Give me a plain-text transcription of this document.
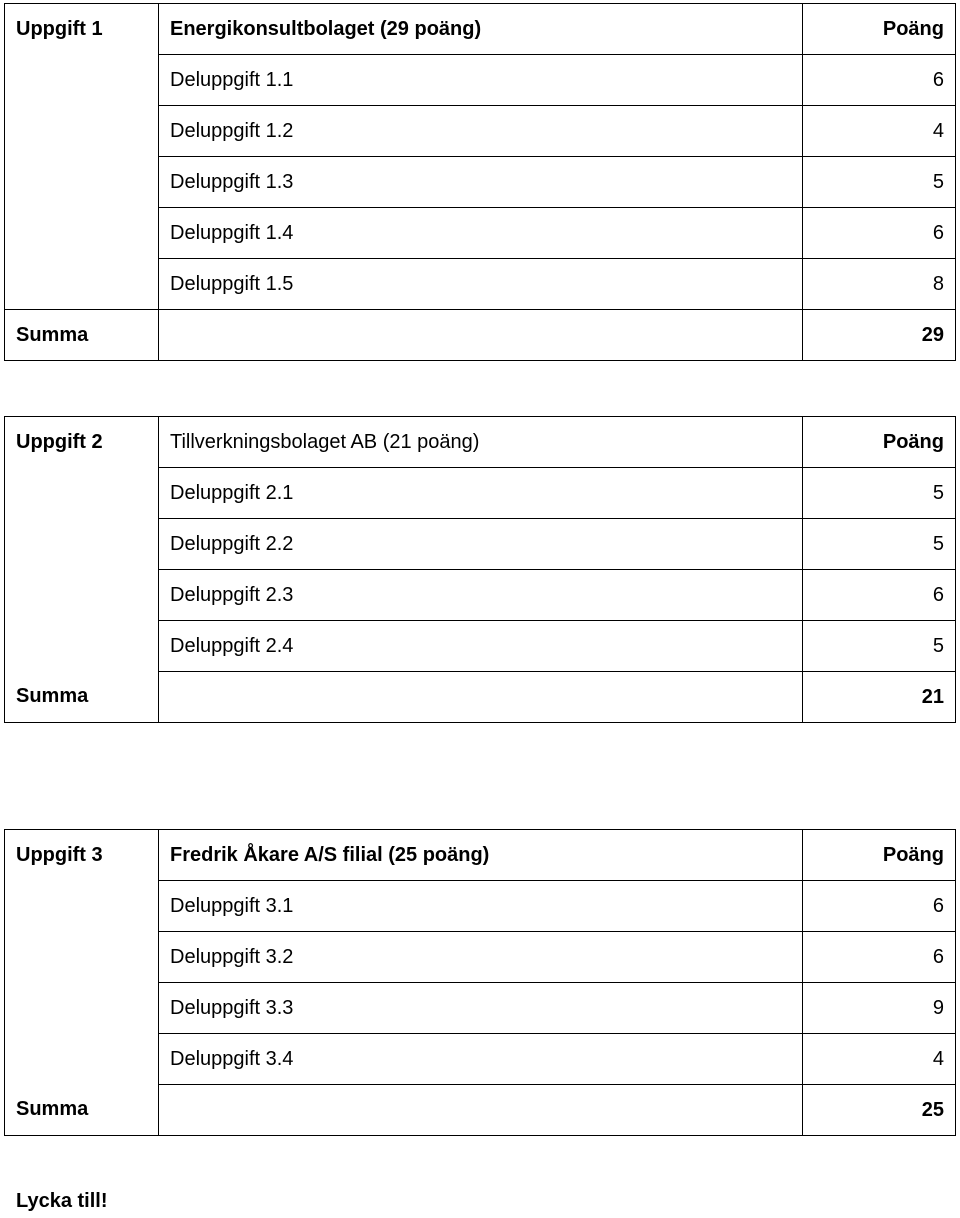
Uppgift 1	Energikonsultbolaget (29 poäng)	Poäng
	Deluppgift 1.1	6
	Deluppgift 1.2	4
	Deluppgift 1.3	5
	Deluppgift 1.4	6
	Deluppgift 1.5	8
Summa		29
Uppgift 2	Tillverkningsbolaget AB (21 poäng)	Poäng
	Deluppgift 2.1	5
	Deluppgift 2.2	5
	Deluppgift 2.3	6
	Deluppgift 2.4	5
Summa		21
Uppgift 3	Fredrik Åkare A/S filial (25 poäng)	Poäng
	Deluppgift 3.1	6
	Deluppgift 3.2	6
	Deluppgift 3.3	9
	Deluppgift 3.4	4
Summa		25
Lycka till!
